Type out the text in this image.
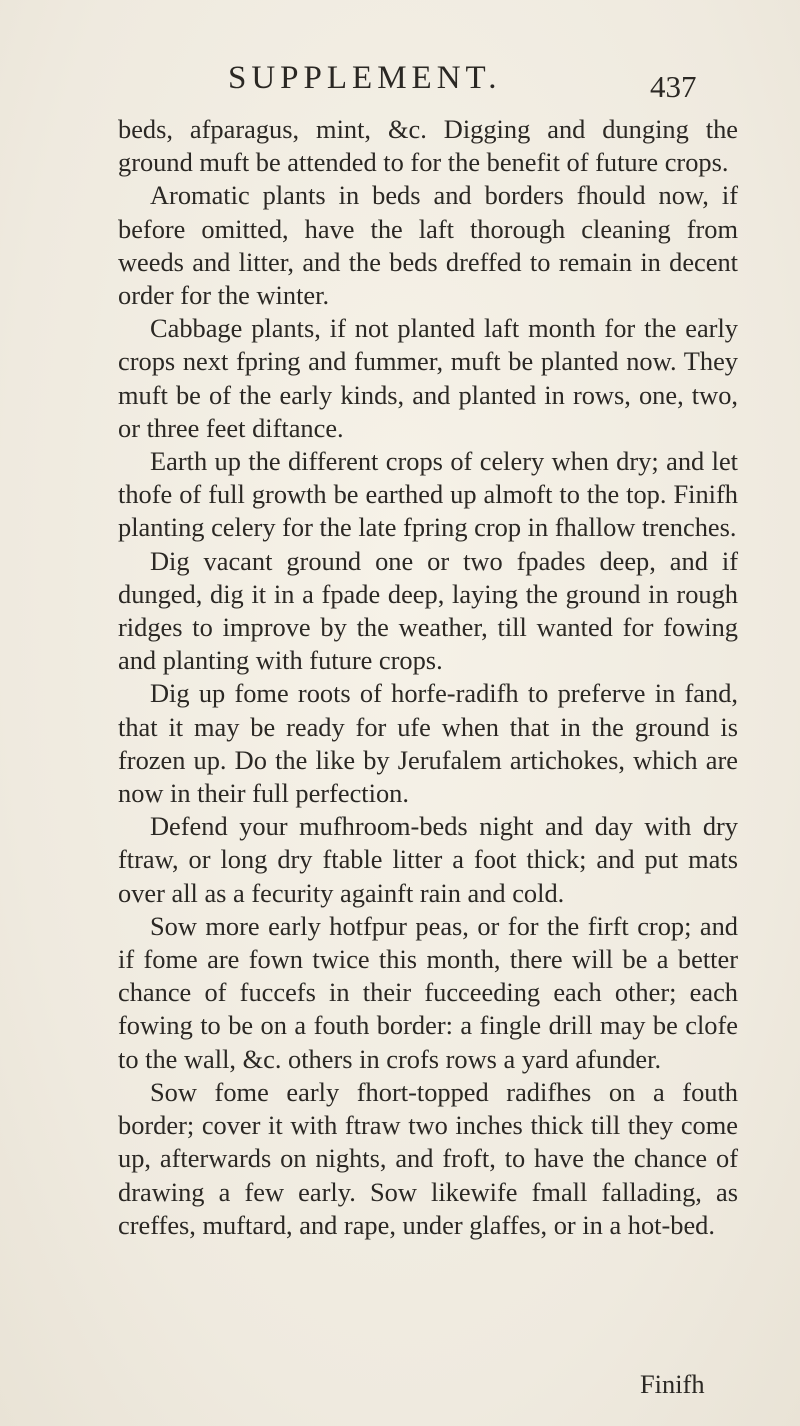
SUPPLEMENT.	437

beds, afparagus, mint, &c. Digging and dunging the ground muft be attended to for the benefit of future crops.

Aromatic plants in beds and borders fhould now, if before omitted, have the laft thorough cleaning from weeds and litter, and the beds dreffed to remain in decent order for the winter.

Cabbage plants, if not planted laft month for the early crops next fpring and fummer, muft be planted now. They muft be of the early kinds, and planted in rows, one, two, or three feet diftance.

Earth up the different crops of celery when dry; and let thofe of full growth be earthed up almoft to the top. Finifh planting celery for the late fpring crop in fhallow trenches.

Dig vacant ground one or two fpades deep, and if dunged, dig it in a fpade deep, laying the ground in rough ridges to improve by the weather, till wanted for fowing and planting with future crops.

Dig up fome roots of horfe-radifh to preferve in fand, that it may be ready for ufe when that in the ground is frozen up. Do the like by Jerufalem artichokes, which are now in their full perfection.

Defend your mufhroom-beds night and day with dry ftraw, or long dry ftable litter a foot thick; and put mats over all as a fecurity againft rain and cold.

Sow more early hotfpur peas, or for the firft crop; and if fome are fown twice this month, there will be a better chance of fuccefs in their fucceeding each other; each fowing to be on a fouth border: a fingle drill may be clofe to the wall, &c. others in crofs rows a yard afunder.

Sow fome early fhort-topped radifhes on a fouth border; cover it with ftraw two inches thick till they come up, afterwards on nights, and froft, to have the chance of drawing a few early. Sow likewife fmall fallading, as creffes, muftard, and rape, under glaffes, or in a hot-bed.

Finifh
